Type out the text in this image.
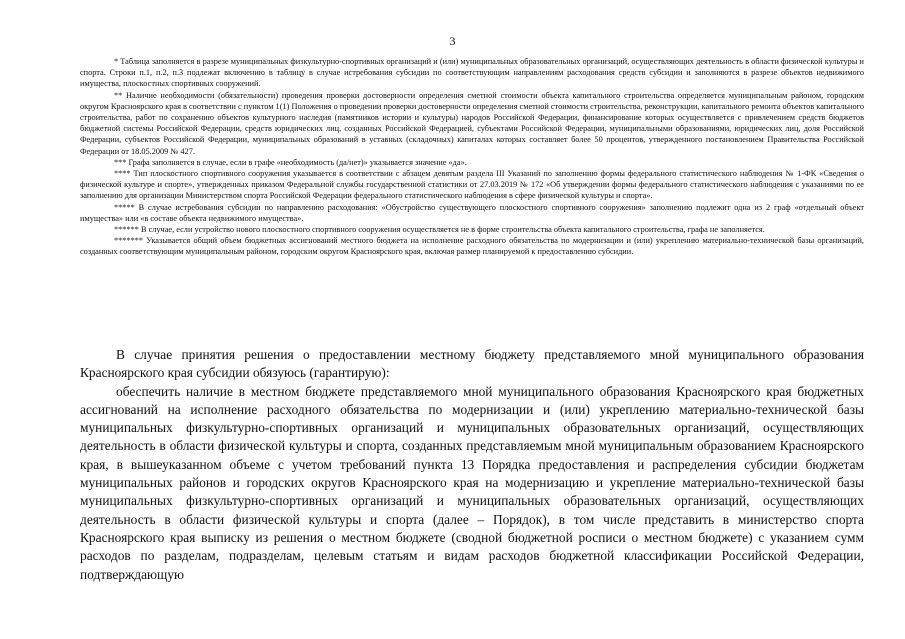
3

* Таблица заполняется в разрезе муниципальных физкультурно-спортивных организаций и (или) муниципальных образовательных организаций, осуществляющих деятельность в области физической культуры и спорта. Строки п.1, п.2, п.3 подлежат включению в таблицу в случае истребования субсидии по соответствующим направлениям расходования средств субсидии и заполняются в разрезе объектов недвижимого имущества, плоскостных спортивных сооружений.

** Наличие необходимости (обязательности) проведения проверки достоверности определения сметной стоимости объекта капитального строительства определяется муниципальным районом, городским округом Красноярского края в соответствии с пунктом 1(1) Положения о проведении проверки достоверности определения сметной стоимости строительства, реконструкции, капитального ремонта объектов капитального строительства, работ по сохранению объектов культурного наследия (памятников истории и культуры) народов Российской Федерации, финансирование которых осуществляется с привлечением средств бюджетов бюджетной системы Российской Федерации, средств юридических лиц, созданных Российской Федерацией, субъектами Российской Федерации, муниципальными образованиями, юридических лиц, доля Российской Федерации, субъектов Российской Федерации, муниципальных образований в уставных (складочных) капиталах которых составляет более 50 процентов, утвержденного постановлением Правительства Российской Федерации от 18.05.2009 № 427.

*** Графа заполняется в случае, если в графе «необходимость (да/нет)» указывается значение «да».

**** Тип плоскостного спортивного сооружения указывается в соответствии с абзацем девятым раздела III Указаний по заполнению формы федерального статистического наблюдения № 1-ФК «Сведения о физической культуре и спорте», утвержденных приказом Федеральной службы государственной статистики от 27.03.2019 № 172 «Об утверждении формы федерального статистического наблюдения с указаниями по ее заполнению для организации Министерством спорта Российской Федерации федерального статистического наблюдения в сфере физической культуры и спорта».

***** В случае истребования субсидии по направлению расходования: «Обустройство существующего плоскостного спортивного сооружения» заполнению подлежит одна из 2 граф «отдельный объект имущества» или «в составе объекта недвижимого имущества».

****** В случае, если устройство нового плоскостного спортивного сооружения осуществляется не в форме строительства объекта капитального строительства, графа не заполняется.

******* Указывается общий объем бюджетных ассигнований местного бюджета на исполнение расходного обязательства по модернизации и (или) укреплению материально-технической базы организаций, созданных соответствующим муниципальным районом, городским округом Красноярского края, включая размер планируемой к предоставлению субсидии.

В случае принятия решения о предоставлении местному бюджету представляемого мной муниципального образования Красноярского края субсидии обязуюсь (гарантирую):

обеспечить наличие в местном бюджете представляемого мной муниципального образования Красноярского края бюджетных ассигнований на исполнение расходного обязательства по модернизации и (или) укреплению материально-технической базы муниципальных физкультурно-спортивных организаций и муниципальных образовательных организаций, осуществляющих деятельность в области физической культуры и спорта, созданных представляемым мной муниципальным образованием Красноярского края, в вышеуказанном объеме с учетом требований пункта 13 Порядка предоставления и распределения субсидии бюджетам муниципальных районов и городских округов Красноярского края на модернизацию и укрепление материально-технической базы муниципальных физкультурно-спортивных организаций и муниципальных образовательных организаций, осуществляющих деятельность в области физической культуры и спорта (далее – Порядок), в том числе представить в министерство спорта Красноярского края выписку из решения о местном бюджете (сводной бюджетной росписи о местном бюджете) с указанием сумм расходов по разделам, подразделам, целевым статьям и видам расходов бюджетной классификации Российской Федерации, подтверждающую
